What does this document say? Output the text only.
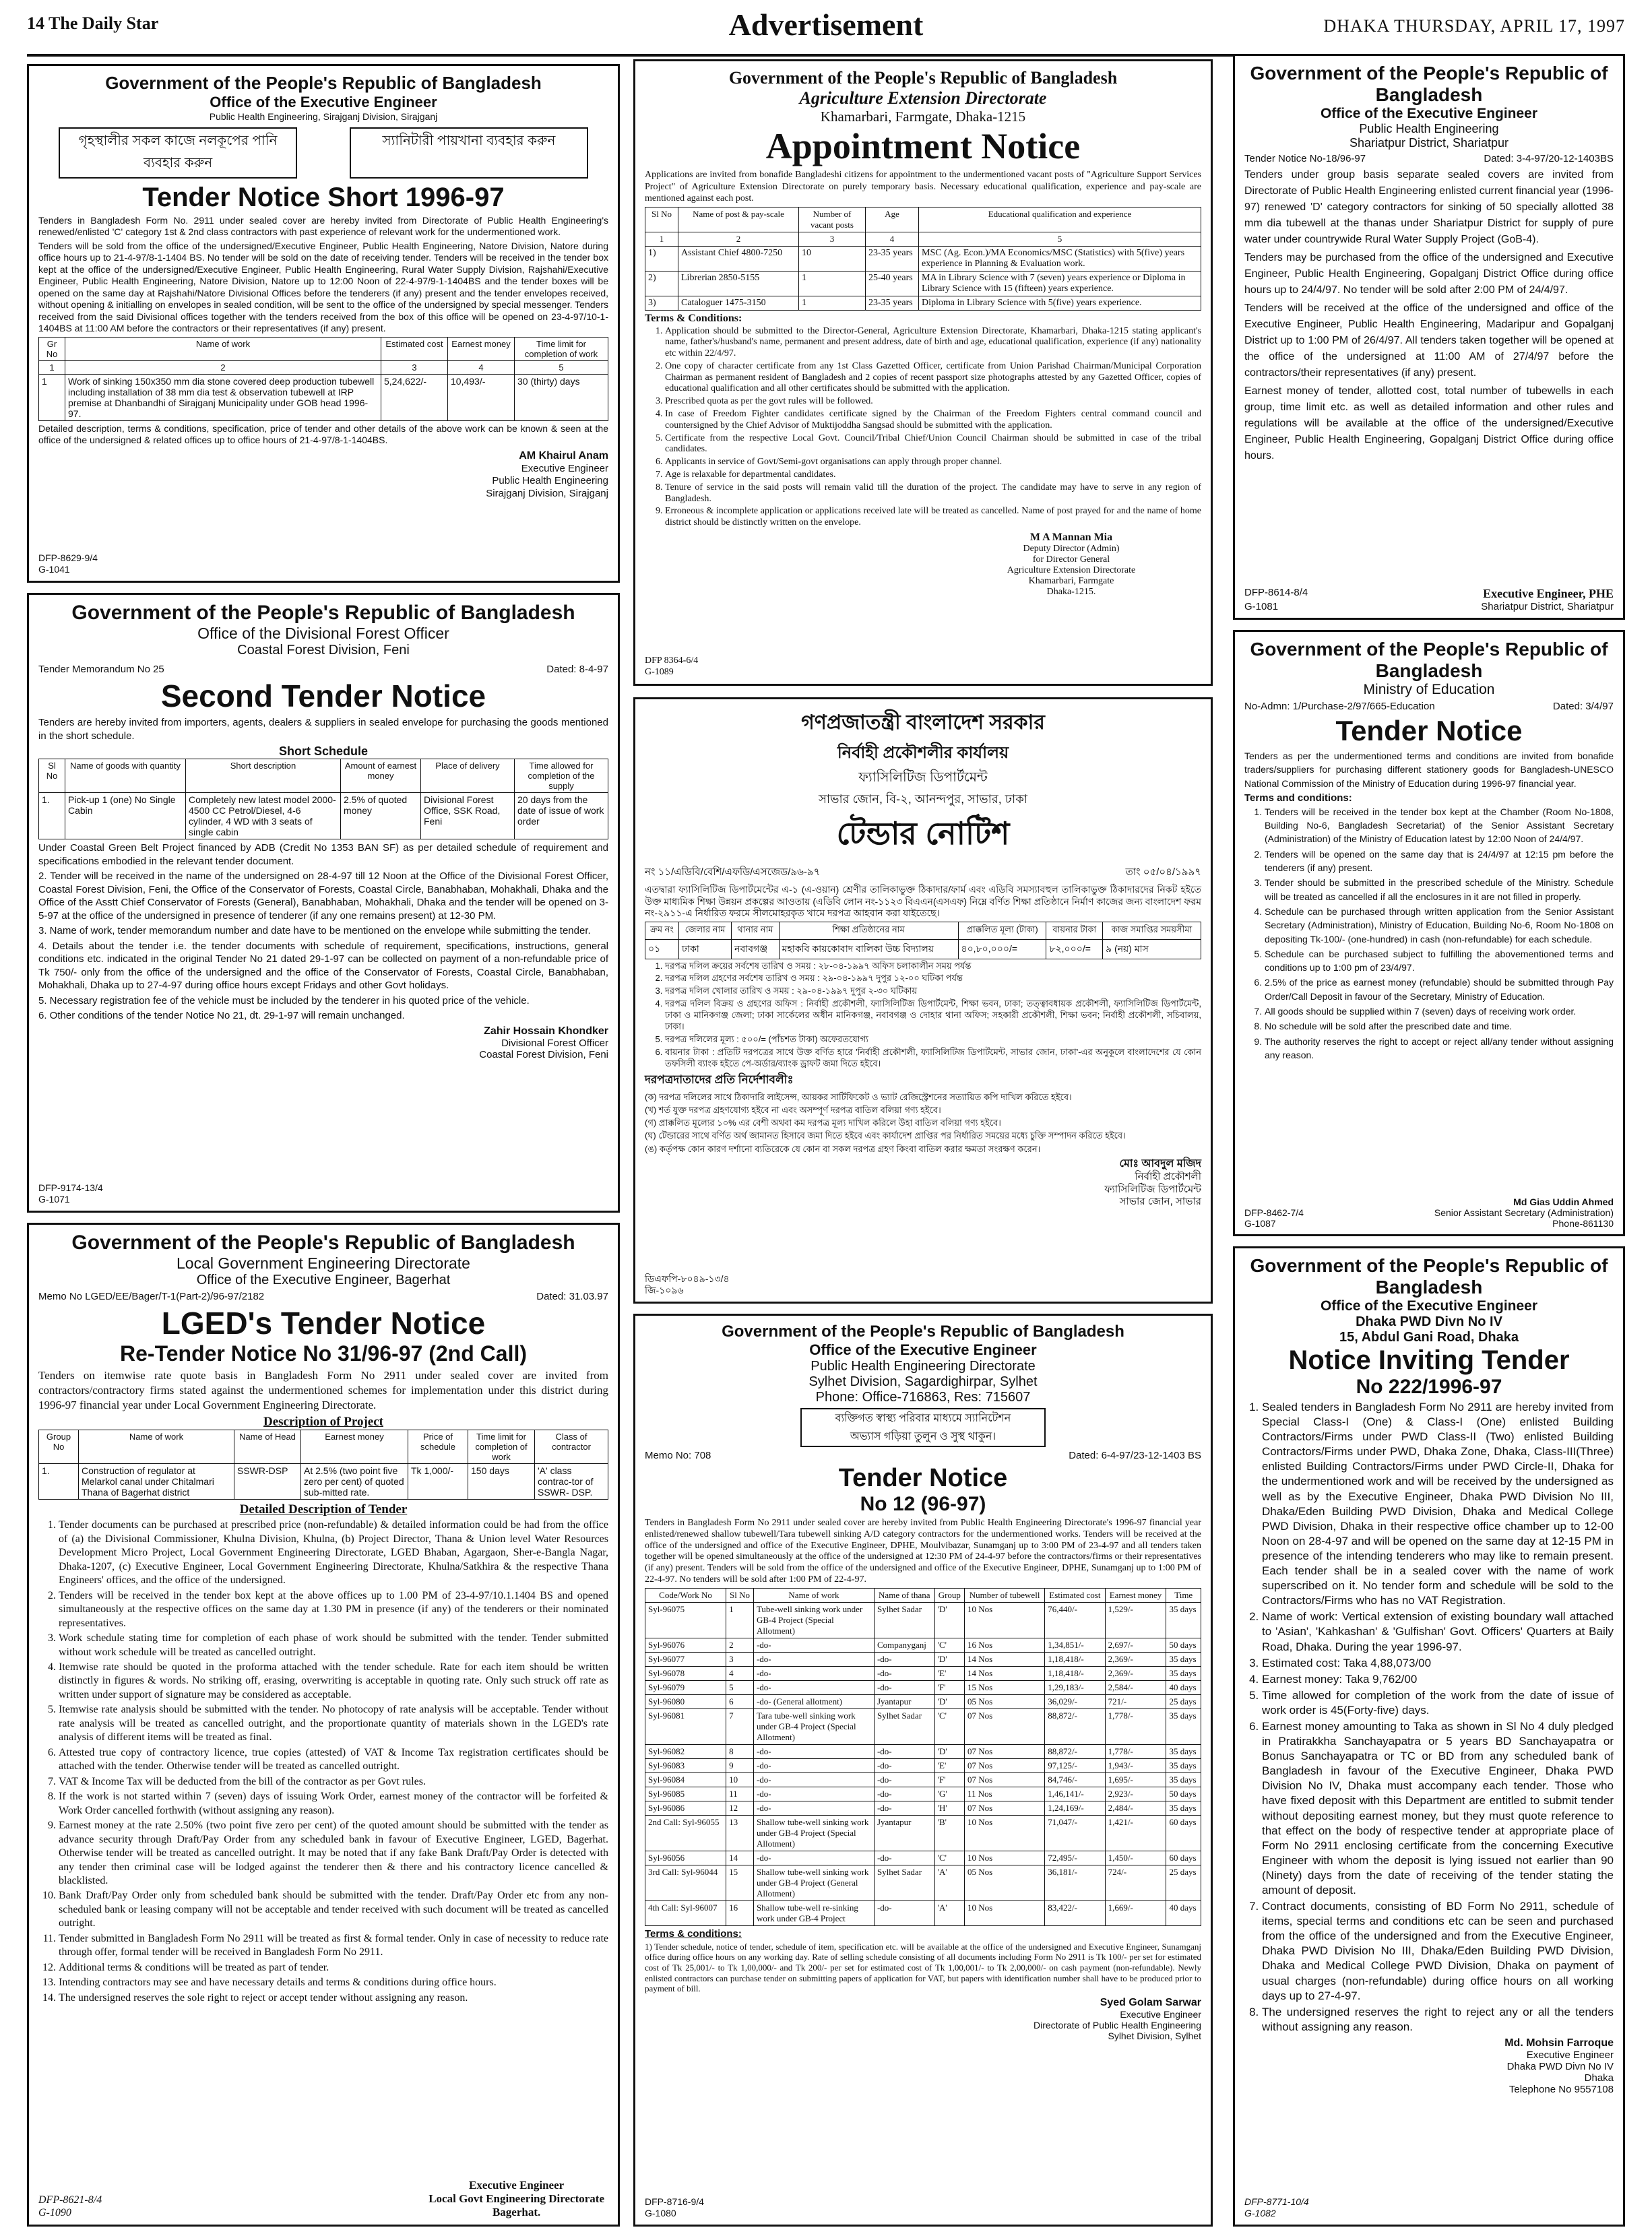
14 The Daily Star	Advertisement	DHAKA THURSDAY, APRIL 17, 1997
Government of the People's Republic of Bangladesh
Office of the Executive Engineer
Public Health Engineering, Sirajganj Division, Sirajganj
গৃহস্থালীর সকল কাজে নলকূপের পানি ব্যবহার করুন
স্যানিটারী পায়খানা ব্যবহার করুন
Tender Notice Short 1996-97

Tenders in Bangladesh Form No. 2911 under sealed cover are hereby invited from Directorate of Public Health Engineering's renewed/enlisted 'C' category 1st & 2nd class contractors with past experience of relevant work for the undermentioned work.

Tenders will be sold from the office of the undersigned/Executive Engineer, Public Health Engineering, Natore Division, Natore during office hours up to 21-4-97/8-1-1404 BS. No tender will be sold on the date of receiving tender. Tenders will be received in the tender box kept at the office of the undersigned/Executive Engineer, Public Health Engineering, Rural Water Supply Division, Rajshahi/Executive Engineer, Public Health Engineering, Natore Division, Natore up to 12:00 Noon of 22-4-97/9-1-1404BS and the tender boxes will be opened on the same day at Rajshahi/Natore Divisional Offices before the tenderers (if any) present and the tender envelopes received, without opening & initialling on envelopes in sealed condition, will be sent to the office of the undersigned by special messenger. Tenders received from the said Divisional offices together with the tenders received from the box of this office will be opened on 23-4-97/10-1-1404BS at 11:00 AM before the contractors or their representatives (if any) present.

Gr No	Name of work	Estimated cost	Earnest money	Time limit for completion of work
1	2	3	4	5
1	Work of sinking 150x350 mm dia stone covered deep production tubewell including installation of 38 mm dia test & observation tubewell at IRP premise at Dhanbandhi of Sirajganj Municipality under GOB head 1996-97.	5,24,622/-	10,493/-	30 (thirty) days

Detailed description, terms & conditions, specification, price of tender and other details of the above work can be known & seen at the office of the undersigned & related offices up to office hours of 21-4-97/8-1-1404BS.

AM Khairul Anam
Executive Engineer
Public Health Engineering
Sirajganj Division, Sirajganj
DFP-8629-9/4
G-1041
Government of the People's Republic of Bangladesh
Agriculture Extension Directorate
Khamarbari, Farmgate, Dhaka-1215
Appointment Notice

Applications are invited from bonafide Bangladeshi citizens for appointment to the undermentioned vacant posts of "Agriculture Support Services Project" of Agriculture Extension Directorate on purely temporary basis. Necessary educational qualification, experience and pay-scale are mentioned against each post.

Sl No	Name of post & pay-scale	Number of vacant posts	Age	Educational qualification and experience
1	2	3	4	5
1)	Assistant Chief 4800-7250	10	23-35 years	MSC (Ag. Econ.)/MA Economics/MSC (Statistics) with 5(five) years experience in Planning & Evaluation work.
2)	Librerian 2850-5155	1	25-40 years	MA in Library Science with 7 (seven) years experience or Diploma in Library Science with 15 (fifteen) years experience.
3)	Cataloguer 1475-3150	1	23-35 years	Diploma in Library Science with 5(five) years experience.
Terms & Conditions:
1. Application should be submitted to the Director-General, Agriculture Extension Directorate, Khamarbari, Dhaka-1215 stating applicant's name, father's/husband's name, permanent and present address, date of birth and age, educational qualification, experience (if any) nationality etc within 22/4/97.
2. One copy of character certificate from any 1st Class Gazetted Officer, certificate from Union Parishad Chairman/Municipal Corporation Chairman as permanent resident of Bangladesh and 2 copies of recent passport size photographs attested by any Gazetted Officer, copies of educational qualification and all other certificates should be submitted with the application.
3. Prescribed quota as per the govt rules will be followed.
4. In case of Freedom Fighter candidates certificate signed by the Chairman of the Freedom Fighters central command council and countersigned by the Chief Advisor of Muktijoddha Sangsad should be submitted with the application.
5. Certificate from the respective Local Govt. Council/Tribal Chief/Union Council Chairman should be submitted in case of the tribal candidates.
6. Applicants in service of Govt/Semi-govt organisations can apply through proper channel.
7. Age is relaxable for departmental candidates.
8. Tenure of service in the said posts will remain valid till the duration of the project. The candidate may have to serve in any region of Bangladesh.
9. Erroneous & incomplete application or applications received late will be treated as cancelled. Name of post prayed for and the name of home district should be distinctly written on the envelope.
M A Mannan Mia
Deputy Director (Admin)
for Director General
Agriculture Extension Directorate
Khamarbari, Farmgate
Dhaka-1215.
DFP 8364-6/4
G-1089
Government of the People's Republic of Bangladesh
Office of the Executive Engineer
Public Health Engineering
Shariatpur District, Shariatpur
Tender Notice No-18/96-97	Dated: 3-4-97/20-12-1403BS

Tenders under group basis separate sealed covers are invited from Directorate of Public Health Engineering enlisted current financial year (1996-97) renewed 'D' category contractors for sinking of 50 specially allotted 38 mm dia tubewell at the thanas under Shariatpur District for supply of pure water under countrywide Rural Water Supply Project (GoB-4).

Tenders may be purchased from the office of the undersigned and Executive Engineer, Public Health Engineering, Gopalganj District Office during office hours up to 24/4/97. No tender will be sold after 2:00 PM of 24/4/97.

Tenders will be received at the office of the undersigned and office of the Executive Engineer, Public Health Engineering, Madaripur and Gopalganj District up to 1:00 PM of 26/4/97. All tenders taken together will be opened at the office of the undersigned at 11:00 AM of 27/4/97 before the contractors/their representatives (if any) present.

Earnest money of tender, allotted cost, total number of tubewells in each group, time limit etc. as well as detailed information and other rules and regulations will be available at the office of the undersigned/Executive Engineer, Public Health Engineering, Gopalganj District Office during office hours.

DFP-8614-8/4	Executive Engineer, PHE
G-1081	Shariatpur District, Shariatpur
Government of the People's Republic of Bangladesh
Office of the Divisional Forest Officer
Coastal Forest Division, Feni
Tender Memorandum No 25	Dated: 8-4-97
Second Tender Notice

Tenders are hereby invited from importers, agents, dealers & suppliers in sealed envelope for purchasing the goods mentioned in the short schedule.

Short Schedule
Sl No	Name of goods with quantity	Short description	Amount of earnest money	Place of delivery	Time allowed for completion of the supply
1.	Pick-up 1 (one) No Single Cabin	Completely new latest model 2000-4500 CC Petrol/Diesel, 4-6 cylinder, 4 WD with 3 seats of single cabin	2.5% of quoted money	Divisional Forest Office, SSK Road, Feni	20 days from the date of issue of work order

Under Coastal Green Belt Project financed by ADB (Credit No 1353 BAN SF) as per detailed schedule of requirement and specifications embodied in the relevant tender document.

2. Tender will be received in the name of the undersigned on 28-4-97 till 12 Noon at the Office of the Divisional Forest Officer, Coastal Forest Division, Feni, the Office of the Conservator of Forests, Coastal Circle, Banabhaban, Mohakhali, Dhaka and the Office of the Asstt Chief Conservator of Forests (General), Banabhaban, Mohakhali, Dhaka and the tender will be opened on 3-5-97 at the office of the undersigned in presence of tenderer (if any one remains present) at 12-30 PM.

3. Name of work, tender memorandum number and date have to be mentioned on the envelope while submitting the tender.

4. Details about the tender i.e. the tender documents with schedule of requirement, specifications, instructions, general conditions etc. indicated in the original Tender No 21 dated 29-1-97 can be collected on payment of a non-refundable price of Tk 750/- only from the office of the undersigned and the office of the Conservator of Forests, Coastal Circle, Banabhaban, Mohakhali, Dhaka up to 27-4-97 during office hours except Fridays and other Govt holidays.

5. Necessary registration fee of the vehicle must be included by the tenderer in his quoted price of the vehicle.

6. Other conditions of the tender Notice No 21, dt. 29-1-97 will remain unchanged.

Zahir Hossain Khondker
Divisional Forest Officer
Coastal Forest Division, Feni
DFP-9174-13/4
G-1071
গণপ্রজাতন্ত্রী বাংলাদেশ সরকার
নির্বাহী প্রকৌশলীর কার্যালয়
ফ্যাসিলিটিজ ডিপার্টমেন্ট
সাভার জোন, বি-২, আনন্দপুর, সাভার, ঢাকা
টেন্ডার নোটিশ
নং ১১/এডিবি/বেশি/এফডি/এসজেড/৯৬-৯৭	তাং ০৫/০৪/১৯৯৭

এতদ্বারা ফ্যাসিলিটিজ ডিপার্টমেন্টের এ-১ (এ-ওয়ান) শ্রেণীর তালিকাভুক্ত ঠিকাদার/ফার্ম এবং এডিবি সমস্যাবহুল তালিকাভুক্ত ঠিকাদারদের নিকট হইতে উক্ত মাধ্যমিক শিক্ষা উন্নয়ন প্রকল্পের আওতায় (এডিবি লোন নং-১১২৩ বিএএন(এসএফ) নিম্নে বর্ণিত শিক্ষা প্রতিষ্ঠানে নির্মাণ কাজের জন্য বাংলাদেশ ফরম নং-২৯১১-এ নির্ধারিত ফরমে সীলমোহরকৃত খামে দরপত্র আহবান করা যাইতেছে।

ক্রম নং	জেলার নাম	থানার নাম	শিক্ষা প্রতিষ্ঠানের নাম	প্রাক্কলিত মূল্য (টাকা)	বায়নার টাকা	কাজ সমাপ্তির সময়সীমা
০১	ঢাকা	নবাবগঞ্জ	মহাকবি কায়কোবাদ বালিকা উচ্চ বিদ্যালয়	৪০,৮০,০০০/=	৮২,০০০/=	৯ (নয়) মাস
1. দরপত্র দলিল ক্রয়ের সর্বশেষ তারিখ ও সময় : ২৮-০৪-১৯৯৭ অফিস চলাকালীন সময় পর্যন্ত
2. দরপত্র দলিল গ্রহণের সর্বশেষ তারিখ ও সময় : ২৯-০৪-১৯৯৭ দুপুর ১২-০০ ঘটিকা পর্যন্ত
3. দরপত্র দলিল খোলার তারিখ ও সময় : ২৯-০৪-১৯৯৭ দুপুর ২-৩০ ঘটিকায়
4. দরপত্র দলিল বিক্রয় ও গ্রহণের অফিস : নির্বাহী প্রকৌশলী, ফ্যাসিলিটিজ ডিপার্টমেন্ট, শিক্ষা ভবন, ঢাকা; তত্ত্বাবধায়ক প্রকৌশলী, ফ্যাসিলিটিজ ডিপার্টমেন্ট, ঢাকা ও মানিকগঞ্জ জেলা; ঢাকা সার্কেলের অধীন মানিকগঞ্জ, নবাবগঞ্জ ও দোহার থানা অফিস; সহকারী প্রকৌশলী, শিক্ষা ভবন; নির্বাহী প্রকৌশলী, সচিবালয়, ঢাকা।
5. দরপত্র দলিলের মূল্য : ৫০০/= (পাঁচশত টাকা) অফেরতযোগ্য
6. বায়নার টাকা : প্রতিটি দরপত্রের সাথে উক্ত বর্ণিত হারে 'নির্বাহী প্রকৌশলী, ফ্যাসিলিটিজ ডিপার্টমেন্ট, সাভার জোন, ঢাকা'-এর অনুকূলে বাংলাদেশের যে কোন তফসিলী ব্যাংক হইতে পে-অর্ডার/ব্যাংক ড্রাফট জমা দিতে হইবে।
দরপত্রদাতাদের প্রতি নির্দেশাবলীঃ

(ক) দরপত্র দলিলের সাথে ঠিকাদারি লাইসেন্স, আয়কর সার্টিফিকেট ও ভ্যাট রেজিস্ট্রেশনের সত্যায়িত কপি দাখিল করিতে হইবে।

(খ) শর্ত যুক্ত দরপত্র গ্রহণযোগ্য হইবে না এবং অসম্পূর্ণ দরপত্র বাতিল বলিয়া গণ্য হইবে।

(গ) প্রাক্কলিত মূল্যের ১০% এর বেশী অথবা কম দরপত্র মূল্য দাখিল করিলে উহা বাতিল বলিয়া গণ্য হইবে।

(ঘ) টেন্ডারের সাথে বর্ণিত অর্থ জামানত হিসাবে জমা দিতে হইবে এবং কার্যাদেশ প্রাপ্তির পর নির্ধারিত সময়ের মধ্যে চুক্তি সম্পাদন করিতে হইবে।

(ঙ) কর্তৃপক্ষ কোন কারণ দর্শানো ব্যতিরেকে যে কোন বা সকল দরপত্র গ্রহণ কিংবা বাতিল করার ক্ষমতা সংরক্ষণ করেন।

মোঃ আবদুল মজিদ
নির্বাহী প্রকৌশলী
ফ্যাসিলিটিজ ডিপার্টমেন্ট
সাভার জোন, সাভার
ডিএফপি-৮০৪৯-১৩/৪
জি-১০৯৬
Government of the People's Republic of Bangladesh
Ministry of Education
No-Admn: 1/Purchase-2/97/665-Education	Dated: 3/4/97
Tender Notice

Tenders as per the undermentioned terms and conditions are invited from bonafide traders/suppliers for purchasing different stationery goods for Bangladesh-UNESCO National Commission of the Ministry of Education during 1996-97 financial year.

Terms and conditions:
1. Tenders will be received in the tender box kept at the Chamber (Room No-1808, Building No-6, Bangladesh Secretariat) of the Senior Assistant Secretary (Administration) of the Ministry of Education latest by 12:00 Noon of 24/4/97.
2. Tenders will be opened on the same day that is 24/4/97 at 12:15 pm before the tenderers (if any) present.
3. Tender should be submitted in the prescribed schedule of the Ministry. Schedule will be treated as cancelled if all the enclosures in it are not filled in properly.
4. Schedule can be purchased through written application from the Senior Assistant Secretary (Administration), Ministry of Education, Building No-6, Room No-1808 on depositing Tk-100/- (one-hundred) in cash (non-refundable) for each schedule.
5. Schedule can be purchased subject to fulfilling the abovementioned terms and conditions up to 1:00 pm of 23/4/97.
6. 2.5% of the price as earnest money (refundable) should be submitted through Pay Order/Call Deposit in favour of the Secretary, Ministry of Education.
7. All goods should be supplied within 7 (seven) days of receiving work order.
8. No schedule will be sold after the prescribed date and time.
9. The authority reserves the right to accept or reject all/any tender without assigning any reason.
Md Gias Uddin Ahmed
DFP-8462-7/4	Senior Assistant Secretary (Administration)
G-1087	Phone-861130
Government of the People's Republic of Bangladesh
Local Government Engineering Directorate
Office of the Executive Engineer, Bagerhat
Memo No LGED/EE/Bager/T-1(Part-2)/96-97/2182	Dated: 31.03.97
LGED's Tender Notice
Re-Tender Notice No 31/96-97 (2nd Call)

Tenders on itemwise rate quote basis in Bangladesh Form No 2911 under sealed cover are invited from contractors/contractory firms stated against the undermentioned schemes for implementation under this district during 1996-97 financial year under Local Government Engineering Directorate.

Description of Project
Group No	Name of work	Name of Head	Earnest money	Price of schedule	Time limit for completion of work	Class of contractor
1.	Construction of regulator at Melarkol canal under Chitalmari Thana of Bagerhat district	SSWR-DSP	At 2.5% (two point five zero per cent) of quoted sub-mitted rate.	Tk 1,000/-	150 days	'A' class contrac-tor of SSWR- DSP.
Detailed Description of Tender
1. Tender documents can be purchased at prescribed price (non-refundable) & detailed information could be had from the office of (a) the Divisional Commissioner, Khulna Division, Khulna, (b) Project Director, Thana & Union level Water Resources Development Micro Project, Local Government Engineering Directorate, LGED Bhaban, Agargaon, Sher-e-Bangla Nagar, Dhaka-1207, (c) Executive Engineer, Local Government Engineering Directorate, Khulna/Satkhira & the respective Thana Engineers' offices, and the office of the undersigned.
2. Tenders will be received in the tender box kept at the above offices up to 1.00 PM of 23-4-97/10.1.1404 BS and opened simultaneously at the respective offices on the same day at 1.30 PM in presence (if any) of the tenderers or their nominated representatives.
3. Work schedule stating time for completion of each phase of work should be submitted with the tender. Tender submitted without work schedule will be treated as cancelled outright.
4. Itemwise rate should be quoted in the proforma attached with the tender schedule. Rate for each item should be written distinctly in figures & words. No striking off, erasing, overwriting is acceptable in quoting rate. Only such struck off rate as written under support of signature may be considered as acceptable.
5. Itemwise rate analysis should be submitted with the tender. No photocopy of rate analysis will be acceptable. Tender without rate analysis will be treated as cancelled outright, and the proportionate quantity of materials shown in the LGED's rate analysis of different items will be treated as final.
6. Attested true copy of contractory licence, true copies (attested) of VAT & Income Tax registration certificates should be attached with the tender. Otherwise tender will be treated as cancelled outright.
7. VAT & Income Tax will be deducted from the bill of the contractor as per Govt rules.
8. If the work is not started within 7 (seven) days of issuing Work Order, earnest money of the contractor will be forfeited & Work Order cancelled forthwith (without assigning any reason).
9. Earnest money at the rate 2.50% (two point five zero per cent) of the quoted amount should be submitted with the tender as advance security through Draft/Pay Order from any scheduled bank in favour of Executive Engineer, LGED, Bagerhat. Otherwise tender will be treated as cancelled outright. It may be noted that if any fake Bank Draft/Pay Order is detected with any tender then criminal case will be lodged against the tenderer then & there and his contractory licence cancelled & blacklisted.
10. Bank Draft/Pay Order only from scheduled bank should be submitted with the tender. Draft/Pay Order etc from any non-scheduled bank or leasing company will not be acceptable and tender received with such document will be treated as cancelled outright.
11. Tender submitted in Bangladesh Form No 2911 will be treated as first & formal tender. Only in case of necessity to reduce rate through offer, formal tender will be received in Bangladesh Form No 2911.
12. Additional terms & conditions will be treated as part of tender.
13. Intending contractors may see and have necessary details and terms & conditions during office hours.
14. The undersigned reserves the sole right to reject or accept tender without assigning any reason.
Executive Engineer
Local Govt Engineering Directorate
Bagerhat.
DFP-8621-8/4
G-1090
Government of the People's Republic of Bangladesh
Office of the Executive Engineer
Public Health Engineering Directorate
Sylhet Division, Sagardighirpar, Sylhet
Phone: Office-716863, Res: 715607
ব্যক্তিগত স্বাস্থ্য পরিবার মাধ্যমে স্যানিটেশন
অভ্যাস গড়িয়া তুলুন ও সুস্থ থাকুন।
Memo No: 708	Dated: 6-4-97/23-12-1403 BS
Tender Notice
No 12 (96-97)

Tenders in Bangladesh Form No 2911 under sealed cover are hereby invited from Public Health Engineering Directorate's 1996-97 financial year enlisted/renewed shallow tubewell/Tara tubewell sinking A/D category contractors for the undermentioned works. Tenders will be received at the office of the undersigned and office of the Executive Engineer, DPHE, Moulvibazar, Sunamganj up to 3:00 PM of 23-4-97 and all tenders taken together will be opened simultaneously at the office of the undersigned at 12:30 PM of 24-4-97 before the contractors/firms or their representatives (if any) present. Tenders will be sold from the office of the undersigned and office of the Executive Engineer, DPHE, Sunamganj up to 1:00 PM of 22-4-97. No tenders will be sold after 1:00 PM of 22-4-97.

Code/Work No	Sl No	Name of work	Name of thana	Group	Number of tubewell	Estimated cost	Earnest money	Time
Syl-96075	1	Tube-well sinking work under GB-4 Project (Special Allotment)	Sylhet Sadar	'D'	10 Nos	76,440/-	1,529/-	35 days
Syl-96076	2	-do-	Companyganj	'C'	16 Nos	1,34,851/-	2,697/-	50 days
Syl-96077	3	-do-	-do-	'D'	14 Nos	1,18,418/-	2,369/-	35 days
Syl-96078	4	-do-	-do-	'E'	14 Nos	1,18,418/-	2,369/-	35 days
Syl-96079	5	-do-	-do-	'F'	15 Nos	1,29,183/-	2,584/-	40 days
Syl-96080	6	-do- (General allotment)	Jyantapur	'D'	05 Nos	36,029/-	721/-	25 days
Syl-96081	7	Tara tube-well sinking work under GB-4 Project (Special Allotment)	Sylhet Sadar	'C'	07 Nos	88,872/-	1,778/-	35 days
Syl-96082	8	-do-	-do-	'D'	07 Nos	88,872/-	1,778/-	35 days
Syl-96083	9	-do-	-do-	'E'	07 Nos	97,125/-	1,943/-	35 days
Syl-96084	10	-do-	-do-	'F'	07 Nos	84,746/-	1,695/-	35 days
Syl-96085	11	-do-	-do-	'G'	11 Nos	1,46,141/-	2,923/-	50 days
Syl-96086	12	-do-	-do-	'H'	07 Nos	1,24,169/-	2,484/-	35 days
2nd Call: Syl-96055	13	Shallow tube-well sinking work under GB-4 Project (Special Allotment)	Jyantapur	'B'	10 Nos	71,047/-	1,421/-	60 days
Syl-96056	14	-do-	-do-	'C'	10 Nos	72,495/-	1,450/-	60 days
3rd Call: Syl-96044	15	Shallow tube-well sinking work under GB-4 Project (General Allotment)	Sylhet Sadar	'A'	05 Nos	36,181/-	724/-	25 days
4th Call: Syl-96007	16	Shallow tube-well re-sinking work under GB-4 Project	-do-	'A'	10 Nos	83,422/-	1,669/-	40 days
Terms & conditions:

1) Tender schedule, notice of tender, schedule of item, specification etc. will be available at the office of the undersigned and Executive Engineer, Sunamganj office during office hours on any working day. Rate of selling schedule consisting of all documents including Form No 2911 is Tk 100/- per set for estimated cost of Tk 25,001/- to Tk 1,00,000/- and Tk 200/- per set for estimated cost of Tk 1,00,001/- to Tk 2,00,000/- on cash payment (non-refundable). Newly enlisted contractors can purchase tender on submitting papers of application for VAT, but papers with identification number shall have to be produced prior to payment of bill.

Syed Golam Sarwar
Executive Engineer
Directorate of Public Health Engineering
Sylhet Division, Sylhet
DFP-8716-9/4
G-1080
Government of the People's Republic of Bangladesh
Office of the Executive Engineer
Dhaka PWD Divn No IV
15, Abdul Gani Road, Dhaka
Notice Inviting Tender
No 222/1996-97
1. Sealed tenders in Bangladesh Form No 2911 are hereby invited from Special Class-I (One) & Class-I (One) enlisted Building Contractors/Firms under PWD Class-II (Two) enlisted Building Contractors/Firms under PWD, Dhaka Zone, Dhaka, Class-III(Three) enlisted Building Contractors/Firms under PWD Circle-II, Dhaka for the undermentioned work and will be received by the undersigned as well as by the Executive Engineer, Dhaka PWD Division No III, Dhaka/Eden Building PWD Division, Dhaka and Medical College PWD Division, Dhaka in their respective office chamber up to 12-00 Noon on 28-4-97 and will be opened on the same day at 12-15 PM in presence of the intending tenderers who may like to remain present. Each tender shall be in a sealed cover with the name of work superscribed on it. No tender form and schedule will be sold to the Contractors/Firms who has no VAT Registration.
2. Name of work: Vertical extension of existing boundary wall attached to 'Asian', 'Kahkashan' & 'Gulfishan' Govt. Officers' Quarters at Baily Road, Dhaka. During the year 1996-97.
3. Estimated cost: Taka 4,88,073/00
4. Earnest money: Taka 9,762/00
5. Time allowed for completion of the work from the date of issue of work order is 45(Forty-five) days.
6. Earnest money amounting to Taka as shown in Sl No 4 duly pledged in Pratirakkha Sanchayapatra or 5 years BD Sanchayapatra or Bonus Sanchayapatra or TC or BD from any scheduled bank of Bangladesh in favour of the Executive Engineer, Dhaka PWD Division No IV, Dhaka must accompany each tender. Those who have fixed deposit with this Department are entitled to submit tender without depositing earnest money, but they must quote reference to that effect on the body of respective tender at appropriate place of Form No 2911 enclosing certificate from the concerning Executive Engineer with whom the deposit is lying issued not earlier than 90 (Ninety) days from the date of receiving of the tender stating the amount of deposit.
7. Contract documents, consisting of BD Form No 2911, schedule of items, special terms and conditions etc can be seen and purchased from the office of the undersigned and from the Executive Engineer, Dhaka PWD Division No III, Dhaka/Eden Building PWD Division, Dhaka and Medical College PWD Division, Dhaka on payment of usual charges (non-refundable) during office hours on all working days up to 27-4-97.
8. The undersigned reserves the right to reject any or all the tenders without assigning any reason.
Md. Mohsin Farroque
Executive Engineer
Dhaka PWD Divn No IV
Dhaka
Telephone No 9557108
DFP-8771-10/4
G-1082
